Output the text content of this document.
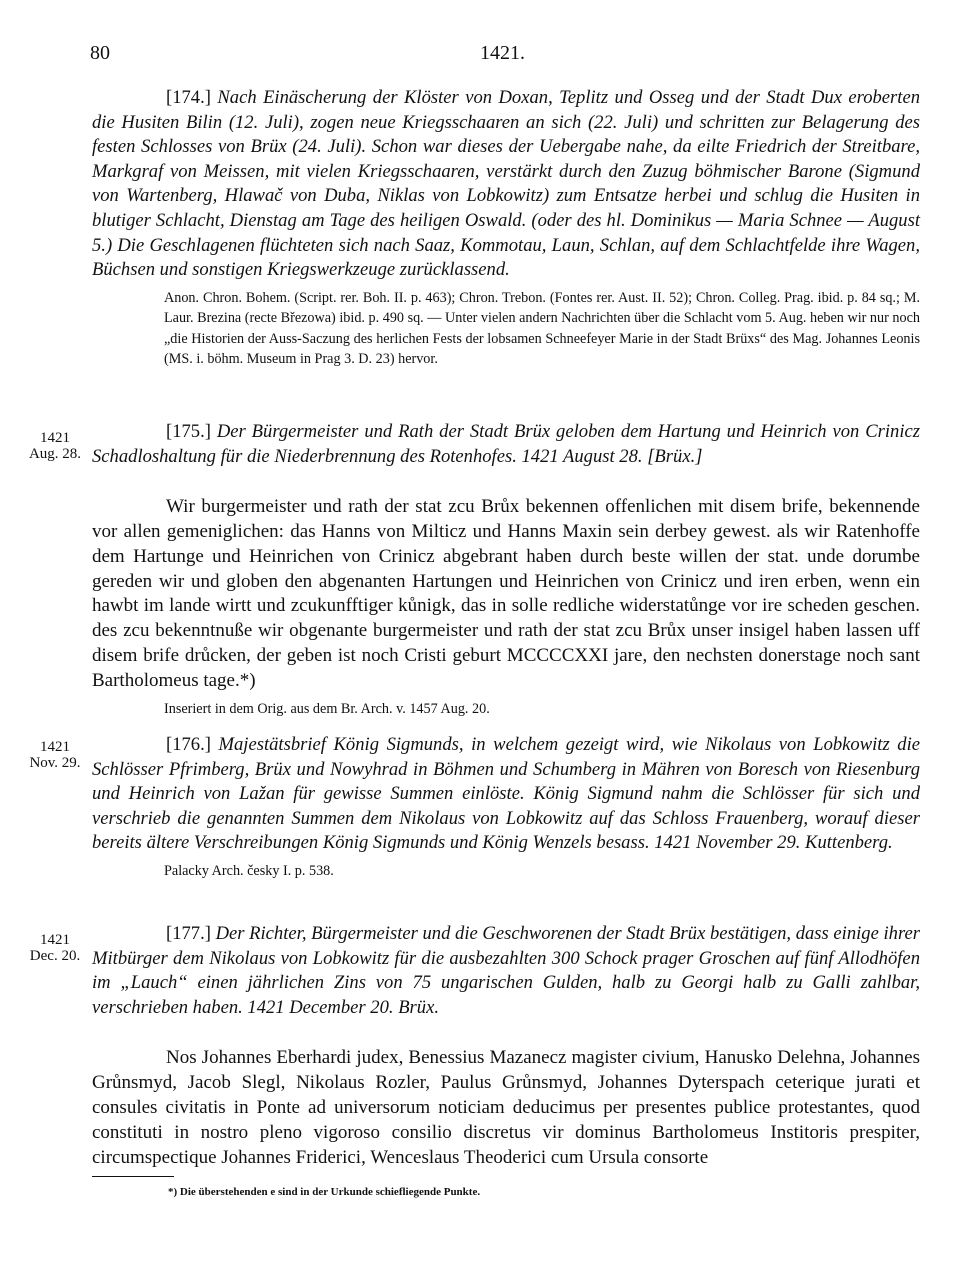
80	1421.

[174.] Nach Einäscherung der Klöster von Doxan, Teplitz und Osseg und der Stadt Dux eroberten die Husiten Bilin (12. Juli), zogen neue Kriegsschaaren an sich (22. Juli) und schritten zur Belagerung des festen Schlosses von Brüx (24. Juli). Schon war dieses der Uebergabe nahe, da eilte Friedrich der Streitbare, Markgraf von Meissen, mit vielen Kriegsschaaren, verstärkt durch den Zuzug böhmischer Barone (Sigmund von Wartenberg, Hlawač von Duba, Niklas von Lobkowitz) zum Entsatze herbei und schlug die Husiten in blutiger Schlacht, Dienstag am Tage des heiligen Oswald. (oder des hl. Dominikus — Maria Schnee — August 5.) Die Geschlagenen flüchteten sich nach Saaz, Kommotau, Laun, Schlan, auf dem Schlachtfelde ihre Wagen, Büchsen und sonstigen Kriegswerkzeuge zurücklassend.

Anon. Chron. Bohem. (Script. rer. Boh. II. p. 463); Chron. Trebon. (Fontes rer. Aust. II. 52); Chron. Colleg. Prag. ibid. p. 84 sq.; M. Laur. Brezina (recte Březowa) ibid. p. 490 sq. — Unter vielen andern Nachrichten über die Schlacht vom 5. Aug. heben wir nur noch „die Historien der Auss-Saczung des herlichen Fests der lobsamen Schneefeyer Marie in der Stadt Brüxs“ des Mag. Johannes Leonis (MS. i. böhm. Museum in Prag 3. D. 23) hervor.

1421
Aug. 28.

[175.] Der Bürgermeister und Rath der Stadt Brüx geloben dem Hartung und Heinrich von Crinicz Schadloshaltung für die Niederbrennung des Rotenhofes. 1421 August 28. [Brüx.]

Wir burgermeister und rath der stat zcu Brůx bekennen offenlichen mit disem brife, bekennende vor allen gemeniglichen: das Hanns von Milticz und Hanns Maxin sein derbey gewest. als wir Ratenhoffe dem Hartunge und Heinrichen von Crinicz abgebrant haben durch beste willen der stat. unde dorumbe gereden wir und globen den abgenanten Hartungen und Heinrichen von Crinicz und iren erben, wenn ein hawbt im lande wirtt und zcukunfftiger kůnigk, das in solle redliche widerstatůnge vor ire scheden geschen. des zcu bekenntnuße wir obgenante burgermeister und rath der stat zcu Brůx unser insigel haben lassen uff disem brife drůcken, der geben ist noch Cristi geburt MCCCCXXI jare, den nechsten donerstage noch sant Bartholomeus tage.*)

Inseriert in dem Orig. aus dem Br. Arch. v. 1457 Aug. 20.

1421
Nov. 29.

[176.] Majestätsbrief König Sigmunds, in welchem gezeigt wird, wie Nikolaus von Lobkowitz die Schlösser Pfrimberg, Brüx und Nowyhrad in Böhmen und Schumberg in Mähren von Boresch von Riesenburg und Heinrich von Lažan für gewisse Summen einlöste. König Sigmund nahm die Schlösser für sich und verschrieb die genannten Summen dem Nikolaus von Lobkowitz auf das Schloss Frauenberg, worauf dieser bereits ältere Verschreibungen König Sigmunds und König Wenzels besass. 1421 November 29. Kuttenberg.

Palacky Arch. česky I. p. 538.

1421
Dec. 20.

[177.] Der Richter, Bürgermeister und die Geschworenen der Stadt Brüx bestätigen, dass einige ihrer Mitbürger dem Nikolaus von Lobkowitz für die ausbezahlten 300 Schock prager Groschen auf fünf Allodhöfen im „Lauch“ einen jährlichen Zins von 75 ungarischen Gulden, halb zu Georgi halb zu Galli zahlbar, verschrieben haben. 1421 December 20. Brüx.

Nos Johannes Eberhardi judex, Benessius Mazanecz magister civium, Hanusko Delehna, Johannes Grůnsmyd, Jacob Slegl, Nikolaus Rozler, Paulus Grůnsmyd, Johannes Dyterspach ceterique jurati et consules civitatis in Ponte ad universorum noticiam deducimus per presentes publice protestantes, quod constituti in nostro pleno vigoroso consilio discretus vir dominus Bartholomeus Institoris prespiter, circumspectique Johannes Friderici, Wenceslaus Theoderici cum Ursula consorte

*) Die überstehenden e sind in der Urkunde schiefliegende Punkte.
